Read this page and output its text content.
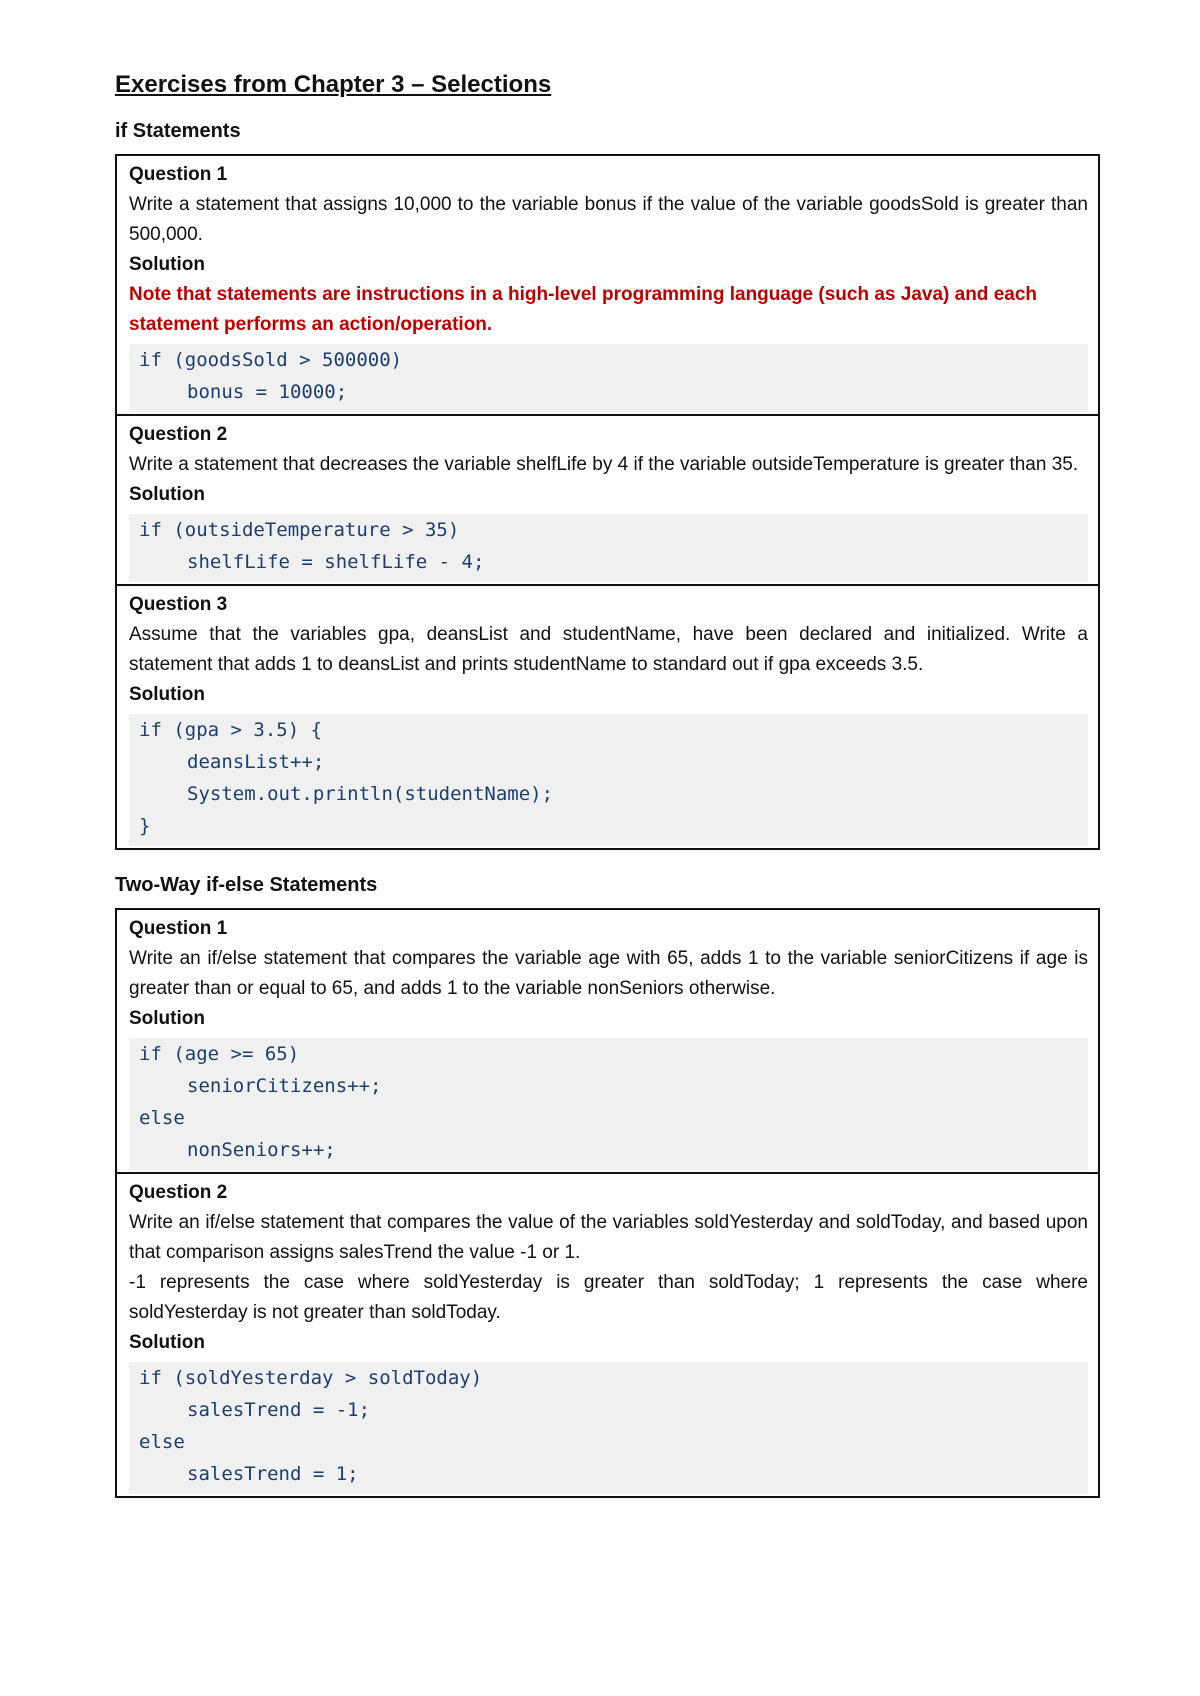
Exercises from Chapter 3 – Selections
if Statements
Question 1

Write a statement that assigns 10,000 to the variable bonus if the value of the variable goodsSold is greater than 500,000.

Solution
Note that statements are instructions in a high-level programming language (such as Java) and each statement performs an action/operation.
if (goodsSold > 500000)
bonus = 10000;
Question 2

Write a statement that decreases the variable shelfLife by 4 if the variable outsideTemperature is greater than 35.

Solution
if (outsideTemperature > 35)
shelfLife = shelfLife - 4;
Question 3

Assume that the variables gpa, deansList and studentName, have been declared and initialized. Write a statement that adds 1 to deansList and prints studentName to standard out if gpa exceeds 3.5.

Solution
if (gpa > 3.5) {
deansList++;
System.out.println(studentName);
}
Two-Way if-else Statements
Question 1

Write an if/else statement that compares the variable age with 65, adds 1 to the variable seniorCitizens if age is greater than or equal to 65, and adds 1 to the variable nonSeniors otherwise.

Solution
if (age >= 65)
seniorCitizens++;
else
nonSeniors++;
Question 2

Write an if/else statement that compares the value of the variables soldYesterday and soldToday, and based upon that comparison assigns salesTrend the value -1 or 1.

-1 represents the case where soldYesterday is greater than soldToday; 1 represents the case where soldYesterday is not greater than soldToday.

Solution
if (soldYesterday > soldToday)
salesTrend = -1;
else
salesTrend = 1;
